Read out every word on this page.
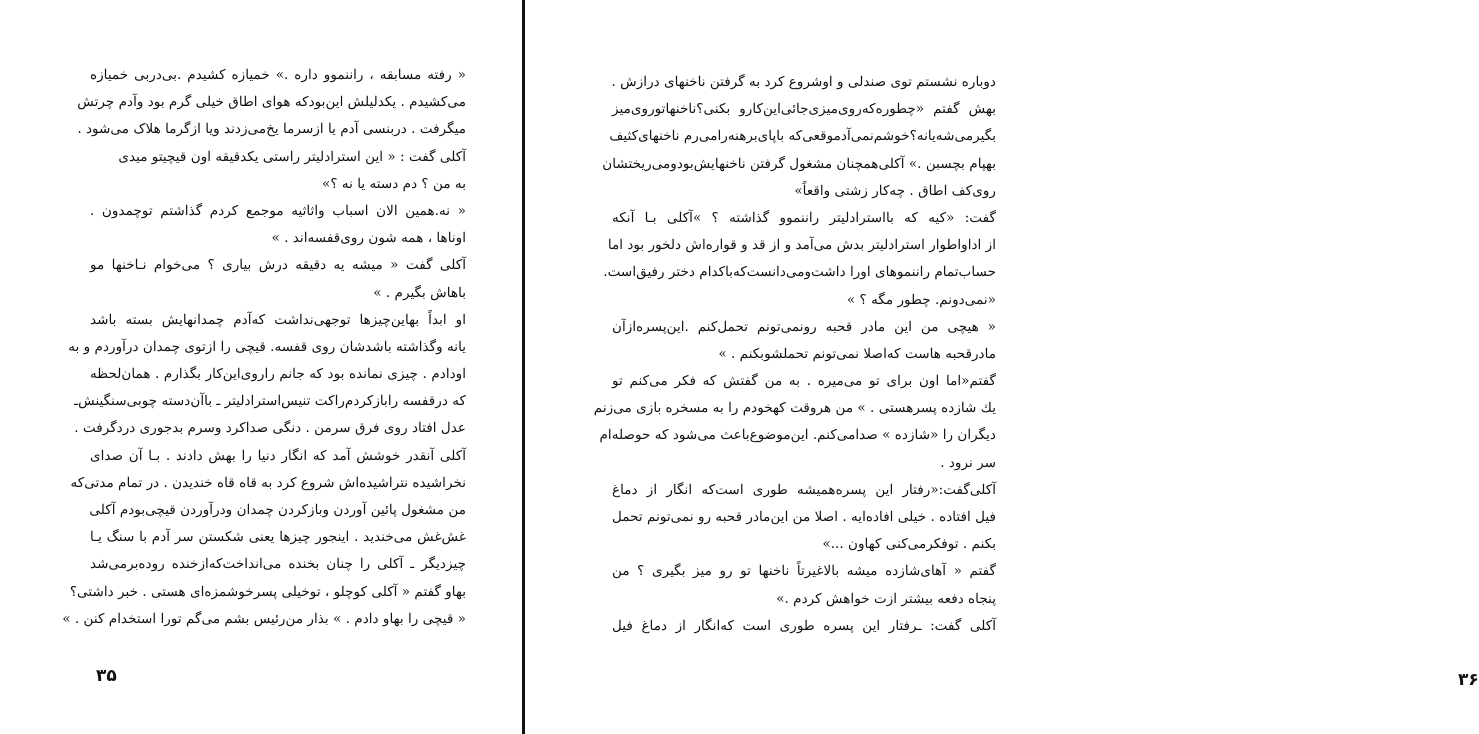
« رفته مسابقه ، راننموو داره .» خمیازه کشیدم .بی‌دربی خمیازه
می‌کشیدم . یکدلیلش این‌بودکه هوای اطاق خیلی گرم بود وآدم چرتش
میگرفت . دربنسی آدم یا ازسرما یخ‌می‌زدند ویا ازگرما هلاک می‌شود .
آکلی گفت : « این استرادلیتر راستی یکدقیقه اون قیچیتو میدی
به من ؟ دم دسته یا نه ؟»
« نه.همین الان اسباب واثاثیه موجمع کردم گذاشتم توچمدون .
اونا‌ها ، همه شون روی‌قفسه‌اند . »
آکلی گفت « میشه یه دقیقه درش بیاری ؟ می‌خوام نـاخنها مو
باهاش بگیرم . »
او ابداً بهاین‌چیزها توجهی‌نداشت که‌آدم چمدانهایش بسته باشد
یانه وگذاشته باشدشان روی قفسه. قیچی را ازتوی چمدان درآوردم و به
اودادم . چیزی نمانده بود که جانم راروی‌این‌کار بگذارم . همان‌لحظه
که درقفسه رابازکردم‌راکت تنیس‌استرادلیتر ـ باآن‌دسته چوبی‌سنگینش‌ـ
عدل افتاد روی فرق سرمن . دنگی صداکرد وسرم بدجوری دردگرفت .
آکلی آنقدر خوشش آمد که انگار دنیا را بهش دادند . بـا آن صدای
نخراشیده نتراشیده‌اش شروع کرد به قاه قاه خندیدن . در تمام مدتی‌که
من مشغول پائین آوردن وبازکردن چمدان ودرآوردن قیچی‌بودم آکلی
غش‌غش می‌خندید . اینجور چیزها یعنی شکستن سر آدم با سنگ یـا
چیزدیگر ـ آکلی را چنان بخنده می‌انداخت‌که‌ازخنده روده‌برمی‌شد
بهاو گفتم « آکلی کوچلو ، توخیلی پسرخوشمزه‌ای هستی . خبر داشتی؟
« قیچی را بهاو دادم . » بذار من‌رئیس بشم می‌گم تورا استخدام کنن . »
۳۵
دوباره نشستم توی صندلی و اوشروع کرد به گرفتن ناخنهای درازش .
بهش گفتم «چطوره‌که‌روی‌میزی‌جائی‌این‌کارو بکنی؟ناخنهاتوروی‌میز
بگیرمی‌شه‌یانه؟خوشم‌نمی‌آدموقعی‌که باپای‌برهنه‌رامی‌رم ناخنهای‌کثیف
بهپام بچسبن .» آکلی‌همچنان مشغول گرفتن ناخنهایش‌بودومی‌ریختشان
روی‌کف اطاق . چه‌کار زشتی واقعاً»
گفت: «کیه که بااسترادلیتر راننموو گذاشته ؟ »آکلی بـا آنکه
از اداواطوار استرادلیتر بدش می‌آمد و از قد و قواره‌اش دلخور بود اما
حساب‌تمام راننموهای اورا داشت‌ومی‌دانست‌که‌باکدام دختر رفیق‌است.
«نمی‌دونم. چطور مگه ؟ »
« هیچی من این مادر قحبه رونمی‌تونم تحمل‌کنم .این‌پسره‌ازآن
مادرقحبه هاست که‌اصلا نمی‌تونم تحملشوبکنم . »
گفتم«اما اون برای تو می‌میره . به من گفتش که فکر می‌کنم تو
یك شازده پسرهستی . » من هروقت کهخودم را به مسخره بازی می‌زنم
دیگران را «شازده » صدامی‌کنم. این‌موضوع‌باعث می‌شود که حوصله‌ام
سر نرود .
آکلی‌گفت:«رفتار این پسره‌همیشه طوری است‌که انگار از دماغ
فیل افتاده . خیلی افاده‌ایه . اصلا من این‌مادر قحبه رو نمی‌تونم تحمل
بکنم . توفکرمی‌کنی کهاون ...»
گفتم « آهای‌شازده میشه بالاغیرتاً ناخنها تو رو میز بگیری ؟ من
پنجاه دفعه بیشتر ازت خواهش کردم .»
آکلی گفت: ـرفتار این پسره طوری است که‌انگار از دماغ فیل
۳۶
